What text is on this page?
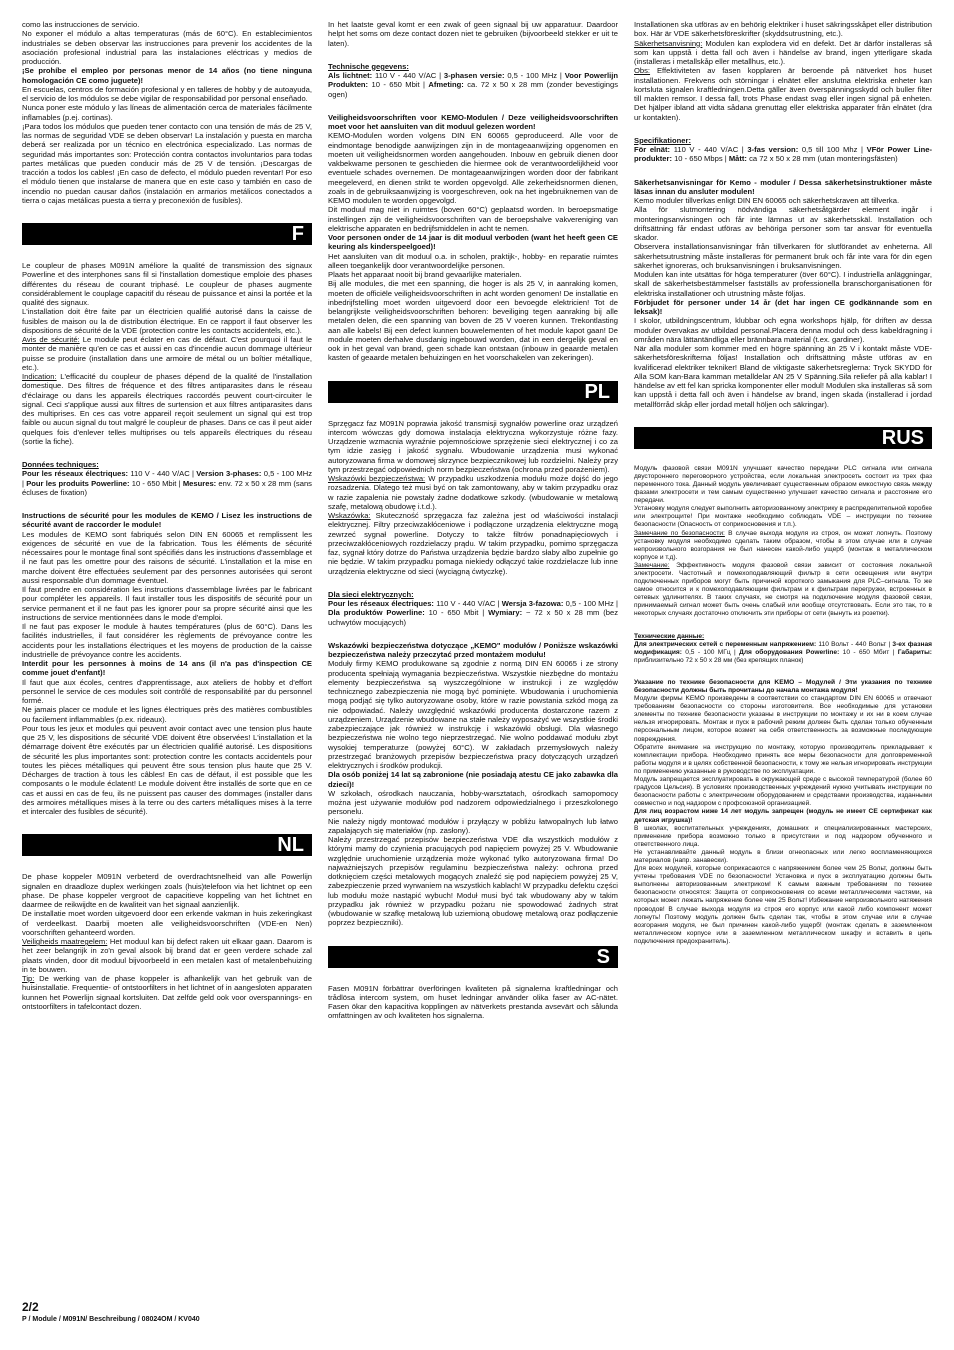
como las instrucciones de servicio.

No exponer el módulo a altas temperaturas (más de 60°C). En establecimientos industriales se deben observar las instrucciones para prevenir los accidentes de la asociación profesional industrial para las instalaciones eléctricas y medios de producción.

¡Se prohíbe el empleo por personas menor de 14 años (no tiene ninguna homologación CE como juguete)!

En escuelas, centros de formación profesional y en talleres de hobby y de autoayuda, el servicio de los módulos se debe vigilar de responsabilidad por personal enseñado.

Nunca poner este módulo y las líneas de alimentación cerca de materiales fácilmente inflamables (p.ej. cortinas).

¡Para todos los módulos que pueden tener contacto con una tensión de más de 25 V, las normas de seguridad VDE se deben observar! La instalación y puesta en marcha deberá ser realizada por un técnico en electrónica especializado. Las normas de seguridad más importantes son: Protección contra contactos involuntarios para todas partes metálicas que pueden conducir más de 25 V de tensión. ¡Descargas de tracción a todos los cables! ¡En caso de defecto, el módulo pueden reventar! Por eso el módulo tienen que instalarse de manera que en este caso y también en caso de incendio no puedan causar daños (instalación en armarios metálicos conectados a tierra o cajas metálicas puesta a tierra y preconexión de fusibles).

F

Le coupleur de phases M091N améliore la qualité de transmission des signaux Powerline et des interphones sans fil si l'installation domestique emploie des phases différentes du réseau de courant triphasé. Le coupleur de phases augmente considérablement le couplage capacitif du réseau de puissance et ainsi la portée et la qualité des signaux.

L'installation doit être faite par un électricien qualifié autorisé dans la caisse de fusibles de maison ou la de distribution électrique. En ce rapport il faut observer les dispositions de sécurité de la VDE (protection contre les contacts accidentels, etc.).

Avis de sécurité: Le module peut éclater en cas de défaut. C'est pourquoi il faut le monter de manière qu'en ce cas et aussi en cas d'incendie aucun dommage ultérieur puisse se produire (installation dans une armoire de métal ou un boîtier métallique, etc.).

Indication: L'efficacité du coupleur de phases dépend de la qualité de l'installation domestique. Des filtres de fréquence et des filtres antiparasites dans le réseau d'éclairage ou dans les appareils électriques raccordés peuvent court-circuiter le signal. Ceci s'applique aussi aux filtres de surtension et aux filtres antiparasites dans des multiprises. En ces cas votre appareil reçoit seulement un signal qui est trop faible ou aucun signal du tout malgré le coupleur de phases. Dans ce cas il peut aider quelques fois d'enlever telles multiprises ou tels appareils électriques du réseau (sortie la fiche).

Données techniques:

Pour les réseaux électriques: 110 V - 440 V/AC | Version 3-phases: 0,5 - 100 MHz | Pour les produits Powerline: 10 - 650 Mbit | Mesures: env. 72 x 50 x 28 mm (sans écluses de fixation)

Instructions de sécurité pour les modules de KEMO / Lisez les instructions de sécurité avant de raccorder le module!

Les modules de KEMO sont fabriqués selon DIN EN 60065 et remplissent les exigences de sécurité en vue de la fabrication. Tous les éléments de sécurité nécessaires pour le montage final sont spécifiés dans les instructions d'assemblage et il ne faut pas les omettre pour des raisons de sécurité. L'installation et la mise en marche doivent être effectuées seulement par des personnes autorisées qui seront aussi responsable d'un dommage éventuel.

Il faut prendre en considération les instructions d'assemblage livrées par le fabricant pour compléter les appareils. Il faut installer tous les dispositifs de sécurité pour un service permanent et il ne faut pas les ignorer pour sa propre sécurité ainsi que les instructions de service mentionnées dans le mode d'emploi.

Il ne faut pas exposer le module à hautes températures (plus de 60°C). Dans les facilités industrielles, il faut considérer les règlements de prévoyance contre les accidents pour les installations électriques et les moyens de production de la caisse industrielle de prévoyance contre les accidents.

Interdit pour les personnes à moins de 14 ans (il n'a pas d'inspection CE comme jouet d'enfant)!

Il faut que aux écoles, centres d'apprentissage, aux ateliers de hobby et d'effort personnel le service de ces modules soit contrôlé de responsabilité par du personnel formé.

Ne jamais placer ce module et les lignes électriques près des matières combustibles ou facilement inflammables (p.ex. rideaux).

Pour tous les jeux et modules qui peuvent avoir contact avec une tension plus haute que 25 V, les dispositions de sécurité VDE doivent être observées! L'installation et la démarrage doivent être exécutés par un électricien qualifié autorisé. Les dispositions de sécurité les plus importantes sont: protection contre les contacts accidentels pour toutes les pièces métalliques qui peuvent être sous tension plus haute que 25 V. Décharges de traction à tous les câbles! En cas de défaut, il est possible que les composants o le module éclatent! Le module doivent être installés de sorte que en ce cas et aussi en cas de feu, ils ne puissent pas causer des dommages (installer dans des armoires métalliques mises à la terre ou des carters métalliques mises à la terre et intercaler des fusibles de sécurité).

NL

De phase koppeler M091N verbeterd de overdrachtsnelheid van alle Powerlijn signalen en draadloze duplex werkingen zoals (huis)telefoon via het lichtnet op een phase. De phase koppeler vergroot de capacitieve koppeling van het lichtnet en daarmee de reikwijdte en de kwaliteit van het signaal aanzienlijk.

De installatie moet worden uitgevoerd door een erkende vakman in huis zekeringkast of verdeelkast. Daarbij moeten alle veiligheidsvoorschriften (VDE-en Nen) voorschriften gehanteerd worden.

Veiligheids maatregelem: Het moduul kan bij defect raken uit elkaar gaan. Daarom is het zeer belangrijk in zo'n geval alsook bij brand dat er geen verdere schade zal plaats vinden, door dit moduul bijvoorbeeld in een metalen kast of metalenbehuizing in te bouwen.

Tip: De werking van de phase koppeler is afhankelijk van het gebruik van de huisinstallatie. Frequentie- of ontstoorfilters in het lichtnet of in aangesloten apparaten kunnen het Powerlijn signaal kortsluiten. Dat zelfde geld ook voor overspannings- en ontstoorfilters in tafelcontact dozen.

In het laatste geval komt er een zwak of geen signaal bij uw apparatuur. Daardoor helpt het soms om deze contact dozen niet te gebruiken (bijvoorbeeld stekker er uit te laten).

Technische gegevens:

Als lichtnet: 110 V - 440 V/AC | 3-phasen versie: 0,5 - 100 MHz | Voor Powerlijn Produkten: 10 - 650 Mbit | Afmeting: ca. 72 x 50 x 28 mm (zonder bevestigings ogen)

Veiligheidsvoorschriften voor KEMO-Modulen / Deze veiligheidsvoorschriften moet voor het aansluiten van dit moduul gelezen worden!

KEMO-Modulen worden volgens DIN EN 60065 geproduceerd. Alle voor de eindmontage benodigde aanwijzingen zijn in de montageaanwijzing opgenomen en moeten uit veiligheidsnormen worden aangehouden. Inbouw en gebruik dienen door vakbekwame personen te geschieden die hiermee ook de verantwoordelijkheid voor eventuele schades overnemen. De montageaanwijzingen worden door der fabrikant meegeleverd, en dienen strikt te worden opgevolgd. Alle zekerheidsnormen dienen, zoals in de gebruiksaanwijzing is voorgeschreven, ook na het ingebruiknemen van de KEMO modulen te worden opgevolgd.

Dit moduul mag niet in ruimtes (boven 60°C) geplaatsd worden. In beroepsmatige instellingen zijn de veiligheidsvoorschriften van de beroepshalve vakvereniging van elektrische apparaten en bedrijfsmiddelen in acht te nemen.

Voor personen onder de 14 jaar is dit moduul verboden (want het heeft geen CE keuring als kinderspeelgoed)!

Het aansluiten van dit moduul o.a. in scholen, praktijk-, hobby- en reparatie ruimtes alleen toegankelijk door verantwoordelijke personen.

Plaats het apparaat nooit bij brand gevaarlijke materialen.

Bij alle modules, die met een spanning, die hoger is als 25 V, in aanraking komen, moeten de officiële veiligheidsvoorschriften in acht worden genomen! De installatie en inbedrijfstelling moet worden uitgevoerd door een bevoegde elektricien! Tot de belangrijkste veiligheidsvoorschriften behoren: beveiliging tegen aanraking bij alle metalen delen, die een spanning van boven de 25 V voeren kunnen. Trekontlasting aan alle kabels! Bij een defect kunnen bouwelementen of het module kapot gaan! De module moeten derhalve dusdanig ingebouwd worden, dat in een dergelijk geval en ook in het geval van brand, geen schade kan ontstaan (inbouw in geaarde metalen kasten of geaarde metalen behuizingen en het voorschakelen van zekeringen).

PL

Sprzęgacz faz M091N poprawia jakość transmisji sygnałów powerline oraz urządzeń intercom wówczas gdy domowa instalacja elektryczna wykorzystuje różne fazy. Urządzenie wzmacnia wyraźnie pojemnościowe sprzężenie sieci elektrycznej i co za tym idzie zasięg i jakość sygnału. Wbudowanie urządzenia musi wykonać autoryzowana firma w domowej skrzynce bezpiecznikowej lub rozdzielni. Należy przy tym przestrzegać odpowiednich norm bezpieczeństwa (ochrona przed porażeniem).

Wskazówki bezpieczeństwa: W przypadku uszkodzenia modułu może dojść do jego rozsadzenia. Dlatego też musi być on tak zamontowany, aby w takim przypadku oraz w razie zapalenia nie powstały żadne dodatkowe szkody. (wbudowanie w metalową szafę, metalową obudowę i.t.d.).

Wskazówka: Skuteczność sprzęgacza faz zależna jest od właściwości instalacji elektrycznej. Filtry przeciwzakłóceniowe i podłączone urządzenia elektryczne mogą zewrzeć sygnał powerline. Dotyczy to także filtrów ponadnapięciowych i przeciwzakłóceniowych rozdzielaczy prądu. W takim przypadku, pomimo sprzęgacza faz, sygnał który dotrze do Państwa urządzenia będzie bardzo słaby albo zupełnie go nie będzie. W takim przypadku pomaga niekiedy odłączyć takie rozdzielacze lub inne urządzenia elektryczne od sieci (wyciągną ćwtyczkę).

Dla sieci elektrycznych:

Pour les réseaux électriques: 110 V - 440 V/AC | Wersja 3-fazowa: 0,5 - 100 MHz | Dla produktów Powerline: 10 - 650 Mbit | Wymiary: ~ 72 x 50 x 28 mm (bez uchwytów mocujących)

Wskazówki bezpieczeństwa dotyczące „KEMO" modułów / Poniższe wskazówki bezpieczeństwa należy przeczytać przed montażem modułu!

Moduły firmy KEMO produkowane są zgodnie z normą DIN EN 60065 i ze strony producenta spełniają wymagania bezpieczeństwa. Wszystkie niezbędne do montażu elementy bezpieczeństwa są wyszczególnione w instrukcji i ze względów technicznego zabezpieczenia nie mogą być pominięte. Wbudowania i uruchomienia mogą podjąć się tylko autoryzowane osoby, które w razie powstania szkód mogą za nie odpowiadać. Należy uwzględnić wskazówki producenta dostarczone razem z urządzeniem. Urządzenie wbudowane na stałe należy wyposażyć we wszystkie środki zabezpieczające jak również w instrukcję i wskazówki obsługi. Dla własnego bezpieczeństwa nie wolno tego nieprzestrzegać. Nie wolno poddawać modułu zbyt wysokiej temperaturze (powyżej 60°C). W zakładach przemysłowych należy przestrzegać branżowych przepisów bezpieczeństwa pracy dotyczących urządzeń elektrycznych i środków produkcji.

Dla osób poniżej 14 lat są zabronione (nie posiadają atestu CE jako zabawka dla dzieci)!

W szkołach, ośrodkach nauczania, hobby-warsztatach, ośrodkach samopomocy można jest używanie modułów pod nadzorem odpowiedzialnego i przeszkolonego personelu.

Nie należy nigdy montować modułów i przyłączy w pobliżu łatwopalnych lub łatwo zapalających się materiałów (np. zasłony).

Należy przestrzegać przepisów bezpieczeństwa VDE dla wszystkich modułów z którymi mamy do czynienia pracujących pod napięciem powyżej 25 V. Wbudowanie względnie uruchomienie urządzenia może wykonać tylko autoryzowana firma! Do najważniejszych przepisów regulaminu bezpieczeństwa należy: ochrona przed dotknięciem części metalowych mogących znaleźć się pod napięciem powyżej 25 V, zabezpieczenie przed wyrwaniem na wszystkich kablach! W przypadku defektu części lub modułu może nastąpić wybuch! Moduł musi być tak wbudowany aby w takim przypadku jak również w przypadku pożaru nie spowodować żadnych strat (wbudowanie w szafkę metalową lub uziemioną obudowę metalową oraz podłączenie poprzez bezpieczniki).

S

Fasen M091N förbättrar överföringen kvaliteten på signalerna kraftledningar och trådlösa intercom system, om huset ledningar använder olika faser av AC-nätet. Fasen ökar den kapacitiva kopplingen av nätverkets prestanda avsevärt och sålunda omfattningen av och kvaliteten hos signalerna.

Installationen ska utföras av en behörig elektriker i huset säkringsskåpet eller distribution box. Här är VDE säkerhetsföreskrifter (skyddsutrustning, etc.).

Säkerhetsanvisning: Modulen kan explodera vid en defekt. Det är därför installeras så som kan uppstå i detta fall och även i händelse av brand, ingen ytterligare skada (installeras i metallskåp eller metallhus, etc.).

Obs: Effektiviteten av fasen kopplaren är beroende på nätverket hos huset installationen. Frekvens och störningar i elnätet eller anslutna elektriska enheter kan kortsluta signalen kraftledningen.Detta gäller även överspänningsskydd och buller filter till makten remsor. I dessa fall, trots Phase endast svag eller ingen signal på enheten. Det hjälper ibland att vidta sådana grenuttag eller elektriska apparater från elnätet (dra ur kontakten).

Specifikationer:

För elnät: 110 V - 440 V/AC | 3-fas version: 0,5 till 100 Mhz | VFör Power Line-produkter: 10 - 650 Mbps | Mått: ca 72 x 50 x 28 mm (utan monteringsfästen)

Säkerhetsanvisningar för Kemo - moduler / Dessa säkerhetsinstruktioner måste läsas innan du ansluter modulen!

Kemo moduler tillverkas enligt DIN EN 60065 och säkerhetskraven att tillverka.

Alla för slutmontering nödvändiga säkerhetsåtgärder element ingår i monteringsanvisningen och får inte lämnas ut av säkerhetsskäl. Installation och driftsättning får endast utföras av behöriga personer som tar ansvar för eventuella skador.

Observera installationsanvisningar från tillverkaren för slutförandet av enheterna. All säkerhetsutrustning måste installeras för permanent bruk och får inte vara för din egen säkerhet ignoreras, och bruksanvisningen i bruksanvisningen.

Modulen kan inte utsättas för höga temperaturer (över 60°C). I industriella anläggningar, skall de säkerhetsbestämmelser fastställs av professionella branschorganisationen för elektriska installationer och utrustning måste följas.

Förbjudet för personer under 14 år (det har ingen CE godkännande som en leksak)!

I skolor, utbildningscentrum, klubbar och egna workshops hjälp, för driften av dessa moduler övervakas av utbildad personal.Placera denna modul och dess kabeldragning i områden nära lättantändliga eller brännbara material (t.ex. gardiner).

När alla moduler som kommer med en högre spänning än 25 V i kontakt måste VDE-säkerhetsföreskrifterna följas! Installation och driftsättning måste utföras av en kvalificerad elektriker tekniker! Bland de viktigaste säkerhetsreglerna: Tryck SKYDD för Alla SOM kan-Bara kamman metalldelar AN 25 V Spänning.Sila reliefer på alla kablar! I händelse av ett fel kan spricka komponenter eller modul! Modulen ska installeras så som kan uppstå i detta fall och även i händelse av brand, ingen skada (installerad i jordad metallförråd skåp eller jordad metall höljen och säkringar).

RUS

Модуль фазовой связи M091N улучшает качество передачи PLC сигнала или сигнала двустороннего переговорного устройства, если локальная электросеть состоит из трех фаз переменного тока. Данный модуль увеличивает существенным образом емкостную связь между фазами электросети и тем самым существенно улучшает качество сигнала и расстояние его передачи.

Установку модуля следует выполнить авторизованному электрику в распределительной коробке или электрощите! При монтаже необходимо соблюдать VDE – инструкции по технике безопасности (Опасность от соприкосновения и т.п.).

Замечание по безопасности: В случае выхода модуля из строя, он может лопнуть. Поэтому установку модуля необходимо сделать таким образом, чтобы в этом случае или в случае непроизвольного возгорания не был нанесен какой-либо ущерб (монтаж в металлическом корпусе и т.д).

Замечание: Эффективность модуля фазовой связи зависит от состояния локальной электросети. Частотный и помехоподавляющий фильтр в сети освещения или внутри подключенных приборов могут быть причиной короткого замыкания для PLC–сигнала. То же самое относится и к помехоподавляющим фильтрам и к фильтрам перегрузки, встроенных в сетевых удлинителях. В таких случаях, не смотря на подключение модуля фазовой связи, принимаемый сигнал может быть очень слабый или вообще отсутствовать. Если это так, то в некоторых случаях достаточно отключить эти приборы от сети (вынуть из розетки).

Технические данные:

Для электрических сетей с переменным напряжением: 110 Вольт - 440 Вольт | 3-ех фазная модификация: 0,5 - 100 МГц | Для оборудования Powerline: 10 - 650 Мбит | Габариты: приблизительно 72 x 50 x 28 мм (без крепящих планок)

Указание по технике безопасности для KEMO – Модулей / Эти указания по технике безопасности должны быть прочитаны до начала монтажа модуля!

Модули фирмы KEMO произведены в соответствии со стандартом DIN EN 60065 и отвечают требованиям безопасности со стороны изготовителя. Все необходимые для установки элементы по технике безопасности указаны в инструкции по монтажу и их ни в коем случае нельзя игнорировать. Монтаж и пуск в рабочий режим должен быть сделан только обученным персональным лицом, которое возмет на себя ответственность за возможные последующие повреждения.

Обратите внимание на инструкцию по монтажу, которую производитель прикладывает к комплектации прибора. Необходимо принять все меры безопасности для долговременной работы модуля и в целях собственной безопасности, к тому же нельзя игнорировать инструкции по применению указанные в руководстве по эксплуатации.

Модуль запрещается эксплуатировать в окружающей среде с высокой температурой (более 60 градусов Цельсия). В условиях производственных учреждений нужно учитывать инструкции по безопасности работы с электрическим оборудованием и средствами производства, изданными совместно и под надзором с профсоюзной организацией.

Для лиц возрастом ниже 14 лет модуль запрещен (модуль не имеет CE сертификат как детская игрушка)!

В школах, воспитательных учреждениях, домашних и специализированных мастерских, применение прибора возможно только в присутствии и под надзором обученного и ответственного лица.

Не устанавливайте данный модуль в близи огнеопасных или легко воспламеняющихся материалов (напр. занавески).

Для всех модулей, которые соприкасаются с напряжением более чем 25 Вольт, должны быть учтены требования VDE по безопасности! Установка и пуск в эксплуатацию должны быть выполнены авторизованным электриком! К самым важным требованиям по технике безопасности относятся: Защита от соприкосновения со всеми металлическими частями, на которых может лежать напряжение более чем 25 Вольт! Избежание непроизвольного натяжения проводов! В случае выхода модуля из строя его корпус или какой либо компонент может лопнуть! Поэтому модуль должен быть сделан так, чтобы в этом случае или в случае возгорания модуля, не был причинен какой-либо ущерб! (монтаж сделать в заземленном металлическом корпусе или в заземленном металлическом шкафу и вставить в цепь подключения предохранитель).

2/2
P / Module / M091N/ Beschreibung / 08024OM / KV040
